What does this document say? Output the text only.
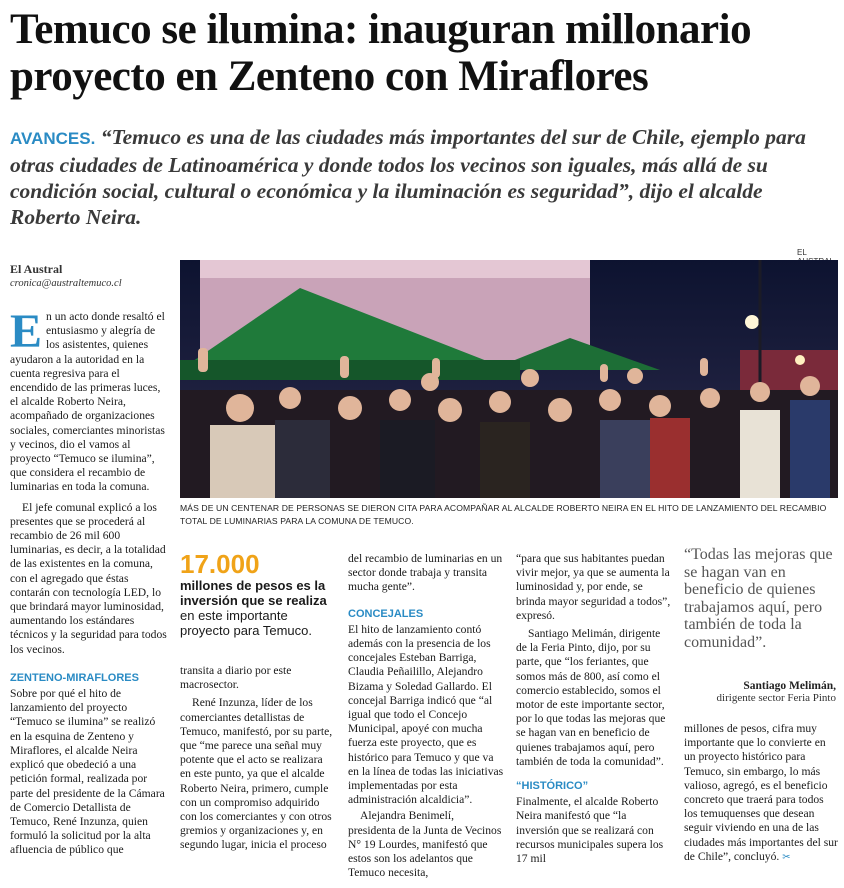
Temuco se ilumina: inauguran millonario
proyecto en Zenteno con Miraflores
AVANCES. “Temuco es una de las ciudades más importantes del sur de Chile, ejemplo para otras ciudades de Latinoamérica y donde todos los vecinos son iguales, más allá de su condición social, cultural o económica y la iluminación es seguridad”, dijo el alcalde Roberto Neira.
El Austral
cronica@australtemuco.cl
EL
MÁS DE UN CENTENAR DE PERSONAS SE DIERON CITA PARA ACOMPAÑAR AL ALCALDE ROBERTO NEIRA EN EL HITO DE LANZAMIENTO DEL RECAMBIO TOTAL DE LUMINARIAS PARA LA COMUNA DE TEMUCO.

E n un acto donde resaltó el entusiasmo y alegría de los asistentes, quienes ayudaron a la autoridad en la cuenta regresiva para el encendido de las primeras luces, el alcalde Roberto Neira, acompañado de organizaciones sociales, comerciantes minoristas y vecinos, dio el vamos al proyecto “Temuco se ilumina”, que considera el recambio de luminarias en toda la comuna.

El jefe comunal explicó a los presentes que se procederá al recambio de 26 mil 600 luminarias, es decir, a la totalidad de las existentes en la comuna, con el agregado que éstas contarán con tecnología LED, lo que brindará mayor luminosidad, aumentando los estándares técnicos y la seguridad para todos los vecinos.

ZENTENO-MIRAFLORES

Sobre por qué el hito de lanzamiento del proyecto “Temuco se ilumina” se realizó en la esquina de Zenteno y Miraflores, el alcalde Neira explicó que obedeció a una petición formal, realizada por parte del presidente de la Cámara de Comercio Detallista de Temuco, René Inzunza, quien formuló la solicitud por la alta afluencia de público que

17.000
millones de pesos es la inversión que se realiza en este importante proyecto para Temuco.

transita a diario por este macrosector.

René Inzunza, líder de los comerciantes detallistas de Temuco, manifestó, por su parte, que “me parece una señal muy potente que el acto se realizara en este punto, ya que el alcalde Roberto Neira, primero, cumple con un compromiso adquirido con los comerciantes y con otros gremios y organizaciones y, en segundo lugar, inicia el proceso

del recambio de luminarias en un sector donde trabaja y transita mucha gente”.

CONCEJALES

El hito de lanzamiento contó además con la presencia de los concejales Esteban Barriga, Claudia Peñailillo, Alejandro Bizama y Soledad Gallardo. El concejal Barriga indicó que “al igual que todo el Concejo Municipal, apoyé con mucha fuerza este proyecto, que es histórico para Temuco y que va en la línea de todas las iniciativas implementadas por esta administración alcaldicia”.

Alejandra Benimelí, presidenta de la Junta de Vecinos N° 19 Lourdes, manifestó que estos son los adelantos que Temuco necesita,

“para que sus habitantes puedan vivir mejor, ya que se aumenta la luminosidad y, por ende, se brinda mayor seguridad a todos”, expresó.

Santiago Melimán, dirigente de la Feria Pinto, dijo, por su parte, que “los feriantes, que somos más de 800, así como el comercio establecido, somos el motor de este importante sector, por lo que todas las mejoras que se hagan van en beneficio de quienes trabajamos aquí, pero también de toda la comunidad”.

“HISTÓRICO”

Finalmente, el alcalde Roberto Neira manifestó que “la inversión que se realizará con recursos municipales supera los 17 mil

“Todas las mejoras que se hagan van en beneficio de quienes trabajamos aquí, pero también de toda la comunidad”.
Santiago Melimán,
dirigente sector Feria Pinto

millones de pesos, cifra muy importante que lo convierte en un proyecto histórico para Temuco, sin embargo, lo más valioso, agregó, es el beneficio concreto que traerá para todos los temuquenses que desean seguir viviendo en una de las ciudades más importantes del sur de Chile”, concluyó. ✂
